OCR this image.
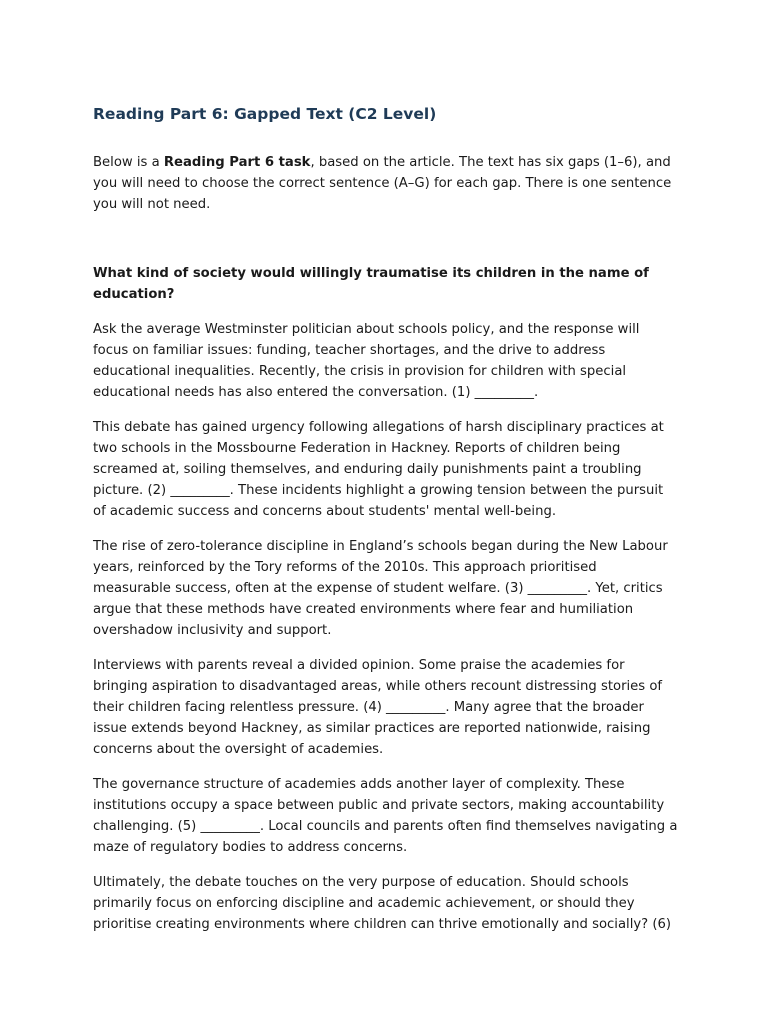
Reading Part 6: Gapped Text (C2 Level)

Below is a Reading Part 6 task, based on the article. The text has six gaps (1–6), and you will need to choose the correct sentence (A–G) for each gap. There is one sentence you will not need.

What kind of society would willingly traumatise its children in the name of education?

Ask the average Westminster politician about schools policy, and the response will focus on familiar issues: funding, teacher shortages, and the drive to address educational inequalities. Recently, the crisis in provision for children with special educational needs has also entered the conversation. (1) _________.

This debate has gained urgency following allegations of harsh disciplinary practices at two schools in the Mossbourne Federation in Hackney. Reports of children being screamed at, soiling themselves, and enduring daily punishments paint a troubling picture. (2) _________. These incidents highlight a growing tension between the pursuit of academic success and concerns about students' mental well-being.

The rise of zero-tolerance discipline in England’s schools began during the New Labour years, reinforced by the Tory reforms of the 2010s. This approach prioritised measurable success, often at the expense of student welfare. (3) _________. Yet, critics argue that these methods have created environments where fear and humiliation overshadow inclusivity and support.

Interviews with parents reveal a divided opinion. Some praise the academies for bringing aspiration to disadvantaged areas, while others recount distressing stories of their children facing relentless pressure. (4) _________. Many agree that the broader issue extends beyond Hackney, as similar practices are reported nationwide, raising concerns about the oversight of academies.

The governance structure of academies adds another layer of complexity. These institutions occupy a space between public and private sectors, making accountability challenging. (5) _________. Local councils and parents often find themselves navigating a maze of regulatory bodies to address concerns.

Ultimately, the debate touches on the very purpose of education. Should schools primarily focus on enforcing discipline and academic achievement, or should they prioritise creating environments where children can thrive emotionally and socially? (6)
